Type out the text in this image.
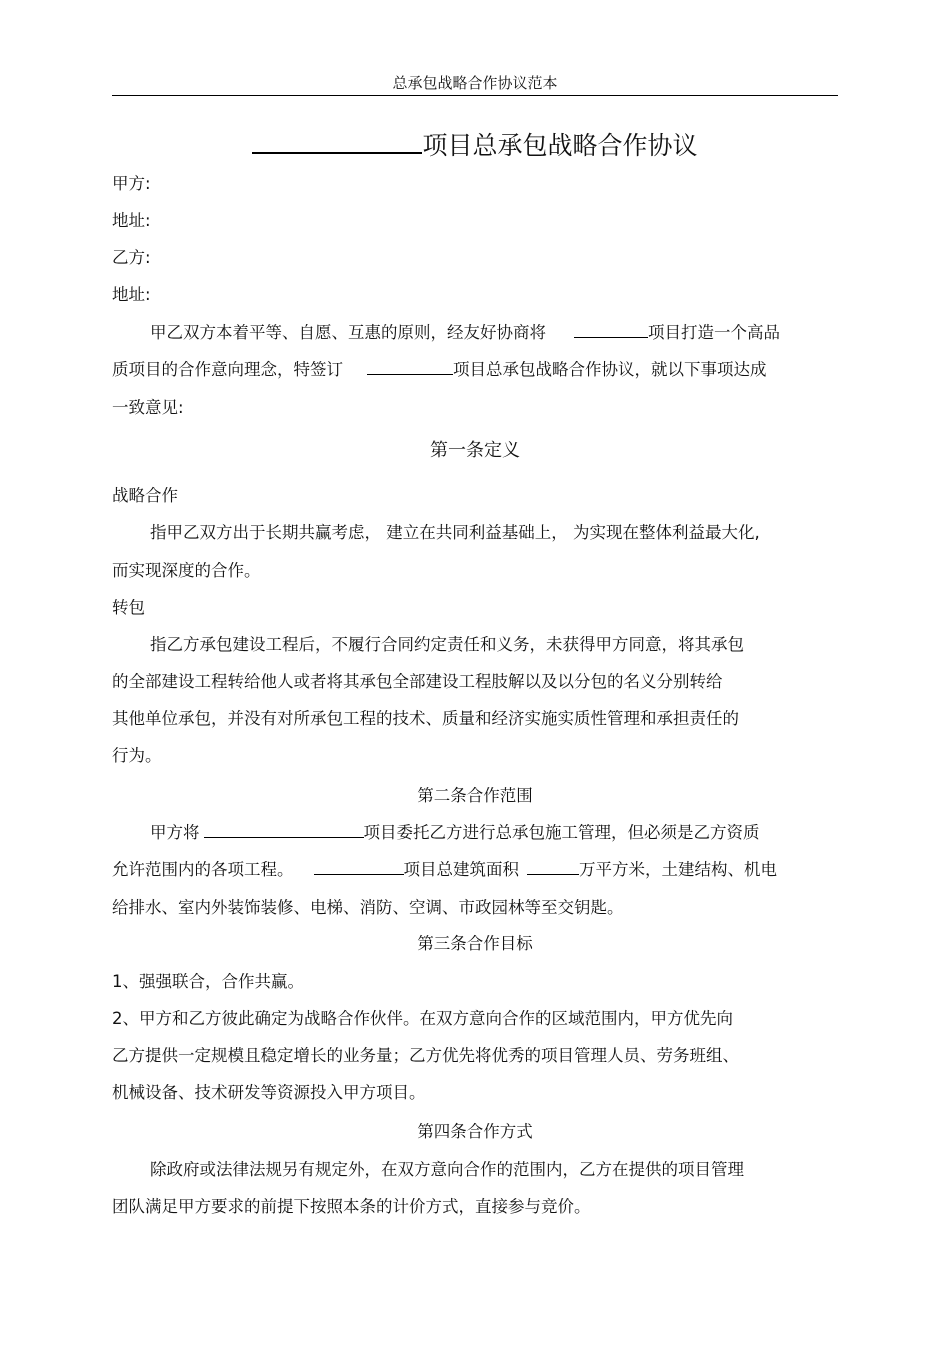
总承包战略合作协议范本
项目总承包战略合作协议
甲方:
地址:
乙方:
地址:
甲乙双方本着平等、自愿、互惠的原则，经友好协商将	项目打造一个高品
质项目的合作意向理念，特签订	项目总承包战略合作协议，就以下事项达成
一致意见:
第一条定义
战略合作
指甲乙双方出于长期共赢考虑， 建立在共同利益基础上， 为实现在整体利益最大化,
而实现深度的合作。
转包
指乙方承包建设工程后，不履行合同约定责任和义务，未获得甲方同意，将其承包
的全部建设工程转给他人或者将其承包全部建设工程肢解以及以分包的名义分别转给
其他单位承包，并没有对所承包工程的技术、质量和经济实施实质性管理和承担责任的
行为。
第二条合作范围
甲方将	项目委托乙方进行总承包施工管理，但必须是乙方资质
允许范围内的各项工程。	项目总建筑面积	万平方米，土建结构、机电
给排水、室内外装饰装修、电梯、消防、空调、市政园林等至交钥匙。
第三条合作目标
1、强强联合，合作共赢。
2、甲方和乙方彼此确定为战略合作伙伴。在双方意向合作的区域范围内，甲方优先向
乙方提供一定规模且稳定增长的业务量；乙方优先将优秀的项目管理人员、劳务班组、
机械设备、技术研发等资源投入甲方项目。
第四条合作方式
除政府或法律法规另有规定外，在双方意向合作的范围内，乙方在提供的项目管理
团队满足甲方要求的前提下按照本条的计价方式，直接参与竞价。
